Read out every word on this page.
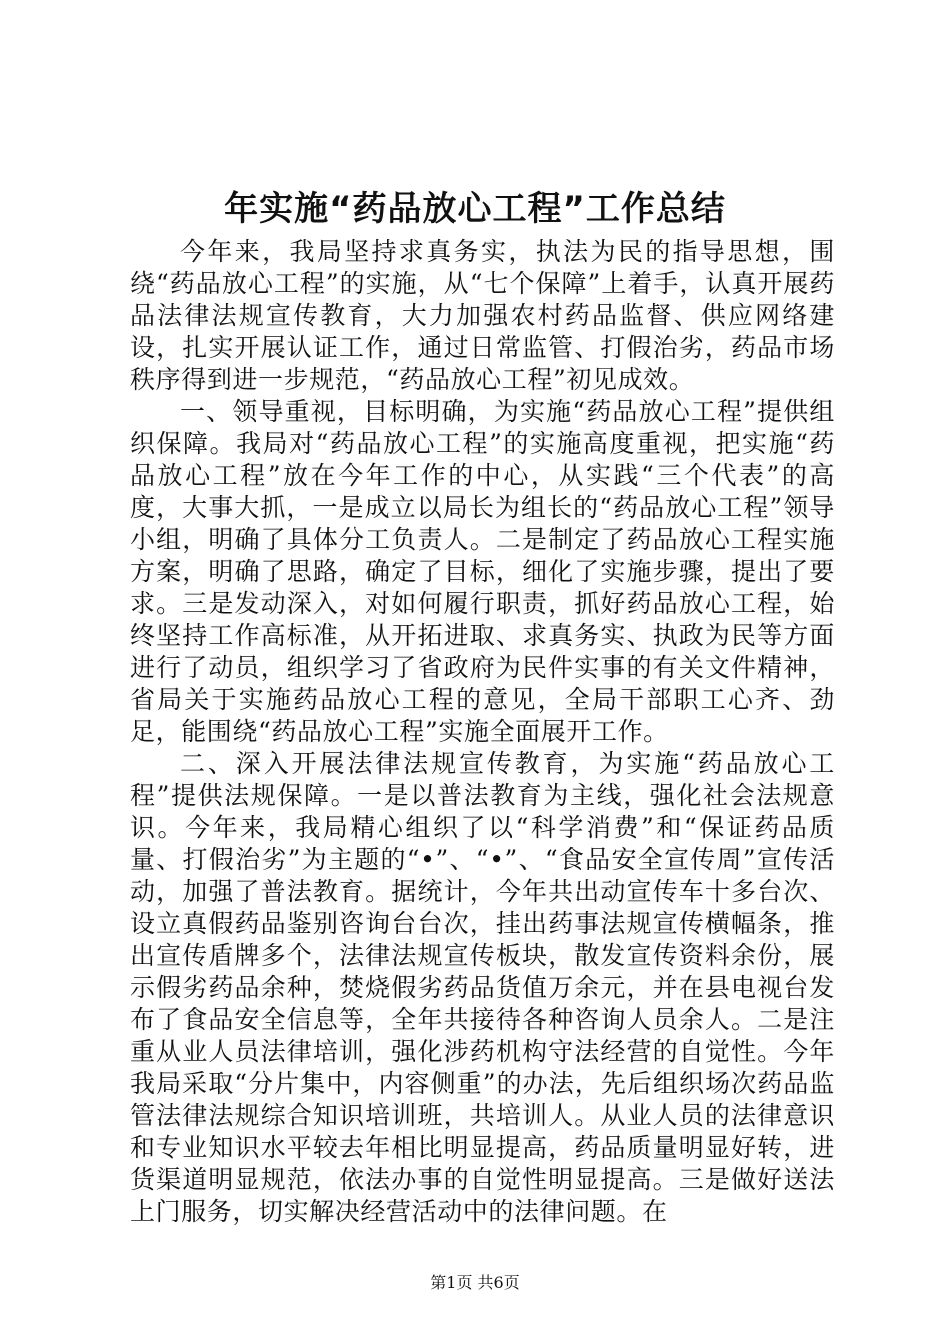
年实施“药品放心工程”工作总结

今年来，我局坚持求真务实，执法为民的指导思想，围绕“药品放心工程”的实施，从“七个保障”上着手，认真开展药品法律法规宣传教育，大力加强农村药品监督、供应网络建设，扎实开展认证工作，通过日常监管、打假治劣，药品市场秩序得到进一步规范，“药品放心工程”初见成效。

一、领导重视，目标明确，为实施“药品放心工程”提供组织保障。我局对“药品放心工程”的实施高度重视，把实施“药品放心工程”放在今年工作的中心，从实践“三个代表”的高度，大事大抓，一是成立以局长为组长的“药品放心工程”领导小组，明确了具体分工负责人。二是制定了药品放心工程实施方案，明确了思路，确定了目标，细化了实施步骤，提出了要求。三是发动深入，对如何履行职责，抓好药品放心工程，始终坚持工作高标准，从开拓进取、求真务实、执政为民等方面进行了动员，组织学习了省政府为民件实事的有关文件精神，省局关于实施药品放心工程的意见，全局干部职工心齐、劲足，能围绕“药品放心工程”实施全面展开工作。

二、深入开展法律法规宣传教育，为实施“药品放心工程”提供法规保障。一是以普法教育为主线，强化社会法规意识。今年来，我局精心组织了以“科学消费”和“保证药品质量、打假治劣”为主题的“•”、“•”、“食品安全宣传周”宣传活动，加强了普法教育。据统计，今年共出动宣传车十多台次、设立真假药品鉴别咨询台台次，挂出药事法规宣传横幅条，推出宣传盾牌多个，法律法规宣传板块，散发宣传资料余份，展示假劣药品余种，焚烧假劣药品货值万余元，并在县电视台发布了食品安全信息等，全年共接待各种咨询人员余人。二是注重从业人员法律培训，强化涉药机构守法经营的自觉性。今年我局采取“分片集中，内容侧重”的办法，先后组织场次药品监管法律法规综合知识培训班，共培训人。从业人员的法律意识和专业知识水平较去年相比明显提高，药品质量明显好转，进货渠道明显规范，依法办事的自觉性明显提高。三是做好送法上门服务，切实解决经营活动中的法律问题。在

第1页 共6页
